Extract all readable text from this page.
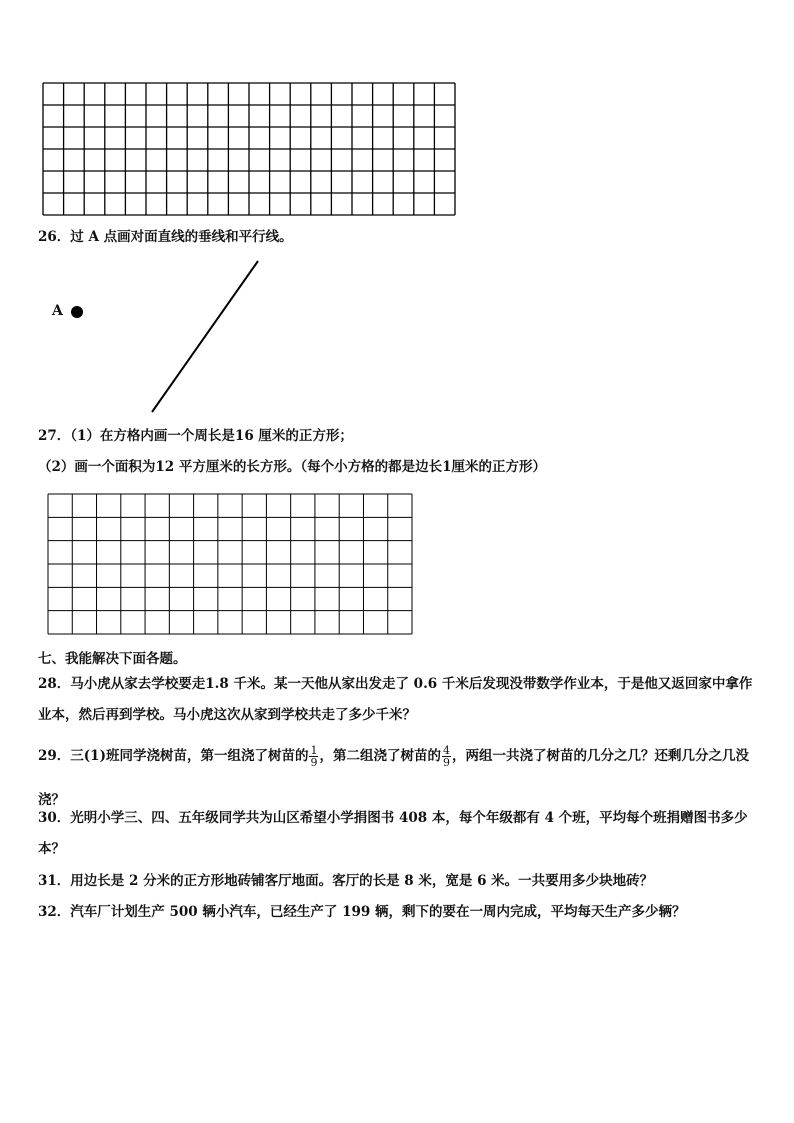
26．过 A 点画对面直线的垂线和平行线。
A
27．（1）在方格内画一个周长是16 厘米的正方形；
（2）画一个面积为12 平方厘米的长方形。（每个小方格的都是边长1厘米的正方形）
七、我能解决下面各题。
28．马小虎从家去学校要走1.8 千米。某一天他从家出发走了 0.6 千米后发现没带数学作业本，于是他又返回家中拿作业本，然后再到学校。马小虎这次从家到学校共走了多少千米？
29．三(1)班同学浇树苗，第一组浇了树苗的 $\frac{1}{9}$ ，第二组浇了树苗的 $\frac{4}{9}$ ，两组一共浇了树苗的几分之几？还剩几分之几没浇？
30．光明小学三、四、五年级同学共为山区希望小学捐图书 408 本，每个年级都有 4 个班，平均每个班捐赠图书多少本？
31．用边长是 2 分米的正方形地砖铺客厅地面。客厅的长是 8 米，宽是 6 米。一共要用多少块地砖？
32．汽车厂计划生产 500 辆小汽车，已经生产了 199 辆，剩下的要在一周内完成，平均每天生产多少辆？
